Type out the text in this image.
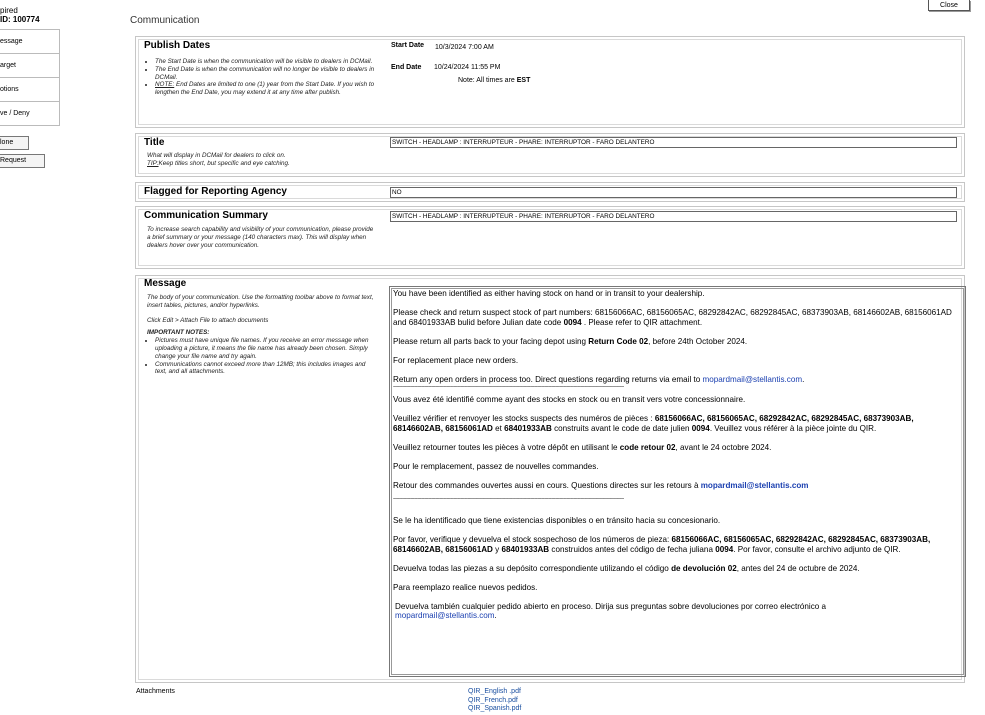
pired
ID: 100774
essage
arget
otions
ve / Deny
lone
Request
Communication
Close
Publish Dates
• The Start Date is when the communication will be visible to dealers in DCMail.
• The End Date is when the communication will no longer be visible to dealers in DCMail.
• NOTE: End Dates are limited to one (1) year from the Start Date. If you wish to lengthen the End Date, you may extend it at any time after publish.
Start Date 10/3/2024 7:00 AM
End Date 10/24/2024 11:55 PM
Note: All times are EST
Title

What will display in DCMail for dealers to click on.

TIP:Keep titles short, but specific and eye catching.

SWITCH - HEADLAMP : INTERRUPTEUR - PHARE: INTERRUPTOR - FARO DELANTERO
Flagged for Reporting Agency	NO
Communication Summary
To increase search capability and visibility of your communication, please provide a brief summary or your message (140 characters max). This will display when dealers hover over your communication.
SWITCH - HEADLAMP : INTERRUPTEUR - PHARE: INTERRUPTOR - FARO DELANTERO
Message

The body of your communication. Use the formatting toolbar above to format text, insert tables, pictures, and/or hyperlinks.

Click Edit > Attach File to attach documents

IMPORTANT NOTES:

• Pictures must have unique file names. If you receive an error message when uploading a picture, it means the file name has already been chosen. Simply change your file name and try again.
• Communications cannot exceed more than 12MB; this includes images and text, and all attachments.

You have been identified as either having stock on hand or in transit to your dealership.

Please check and return suspect stock of part numbers: 68156066AC, 68156065AC, 68292842AC, 68292845AC, 68373903AB, 68146602AB, 68156061AD and 68401933AB bulid before Julian date code 0094 . Please refer to QIR attachment.

Please return all parts back to your facing depot using Return Code 02, before 24th October 2024.

For replacement place new orders.

Return any open orders in process too. Direct questions regarding returns via email to mopardmail@stellantis.com.

------------------------------------------------------------------------------------------------------------------------------------------------------------------------------------------------------

Vous avez été identifié comme ayant des stocks en stock ou en transit vers votre concessionnaire.

Veuillez vérifier et renvoyer les stocks suspects des numéros de pièces : 68156066AC, 68156065AC, 68292842AC, 68292845AC, 68373903AB, 68146602AB, 68156061AD et 68401933AB construits avant le code de date julien 0094. Veuillez vous référer à la pièce jointe du QIR.

Veuillez retourner toutes les pièces à votre dépôt en utilisant le code retour 02, avant le 24 octobre 2024.

Pour le remplacement, passez de nouvelles commandes.

Retour des commandes ouvertes aussi en cours. Questions directes sur les retours à mopardmail@stellantis.com

------------------------------------------------------------------------------------------------------------------------------------------------------------------------------------------------------

Se le ha identificado que tiene existencias disponibles o en tránsito hacia su concesionario.

Por favor, verifique y devuelva el stock sospechoso de los números de pieza: 68156066AC, 68156065AC, 68292842AC, 68292845AC, 68373903AB, 68146602AB, 68156061AD y 68401933AB construidos antes del código de fecha juliana 0094. Por favor, consulte el archivo adjunto de QIR.

Devuelva todas las piezas a su depósito correspondiente utilizando el código de devolución 02, antes del 24 de octubre de 2024.

Para reemplazo realice nuevos pedidos.

Devuelva también cualquier pedido abierto en proceso. Dirija sus preguntas sobre devoluciones por correo electrónico a
mopardmail@stellantis.com.

Attachments	QIR_English .pdf
QIR_French.pdf
QIR_Spanish.pdf
